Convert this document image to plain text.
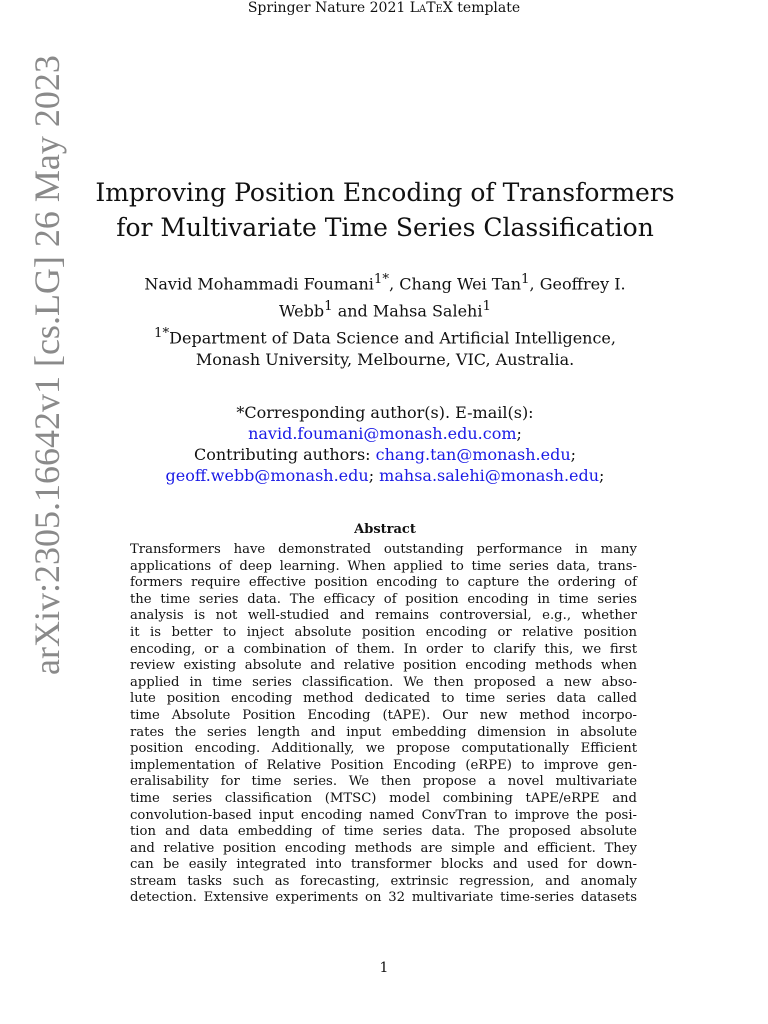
Springer Nature 2021 LaTeX template
arXiv:2305.16642v1 [cs.LG] 26 May 2023 Improving Position Encoding of Transformers
for Multivariate Time Series Classification
Navid Mohammadi Foumani$^{1*}$, Chang Wei Tan$^1$, Geoffrey I.
Webb$^1$ and Mahsa Salehi$^1$
$^{1*}$Department of Data Science and Artificial Intelligence,
Monash University, Melbourne, VIC, Australia.
*Corresponding author(s). E-mail(s):
navid.foumani@monash.edu.com;
Contributing authors: chang.tan@monash.edu;
geoff.webb@monash.edu; mahsa.salehi@monash.edu;
Abstract
Transformers have demonstrated outstanding performance in many
applications of deep learning. When applied to time series data, trans-
formers require effective position encoding to capture the ordering of
the time series data. The efficacy of position encoding in time series
analysis is not well-studied and remains controversial, e.g., whether
it is better to inject absolute position encoding or relative position
encoding, or a combination of them. In order to clarify this, we first
review existing absolute and relative position encoding methods when
applied in time series classification. We then proposed a new abso-
lute position encoding method dedicated to time series data called
time Absolute Position Encoding (tAPE). Our new method incorpo-
rates the series length and input embedding dimension in absolute
position encoding. Additionally, we propose computationally Efficient
implementation of Relative Position Encoding (eRPE) to improve gen-
eralisability for time series. We then propose a novel multivariate
time series classification (MTSC) model combining tAPE/eRPE and
convolution-based input encoding named ConvTran to improve the posi-
tion and data embedding of time series data. The proposed absolute
and relative position encoding methods are simple and efficient. They
can be easily integrated into transformer blocks and used for down-
stream tasks such as forecasting, extrinsic regression, and anomaly
detection. Extensive experiments on 32 multivariate time-series datasets
1
